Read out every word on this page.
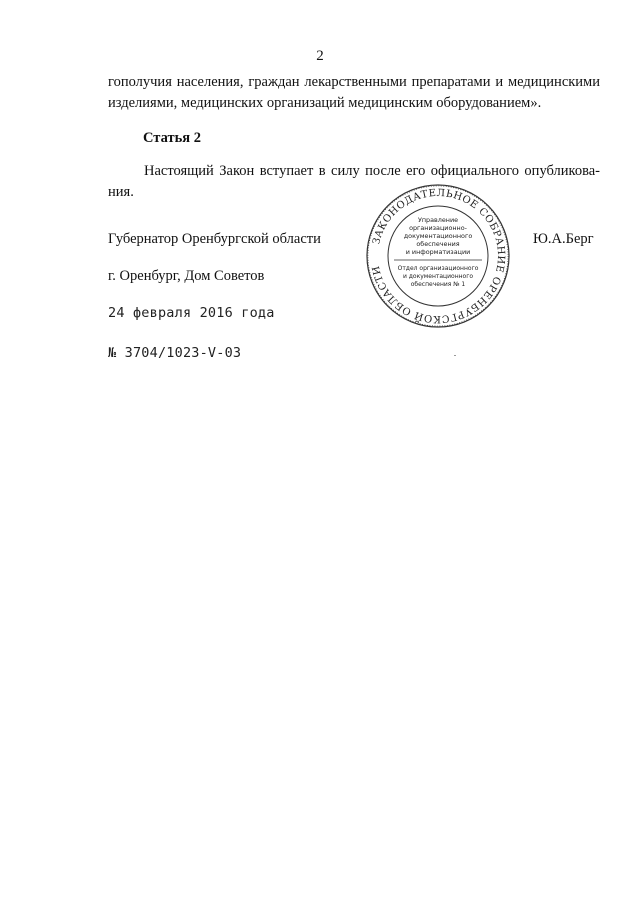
2
гополучия населения, граждан лекарственными препаратами и медицинскими
изделиями, медицинских организаций медицинским оборудованием».
Статья 2
Настоящий Закон вступает в силу после его официального опубликова-
ния.
Губернатор Оренбургской области	Ю.А.Берг
г. Оренбург, Дом Советов
24 февраля 2016 года
№ 3704/1023-V-03
ЗАКОНОДАТЕЛЬНОЕ СОБРАНИЕ ОРЕНБУРГСКОЙ ОБЛАСТИ
Управление
организационно-
документационного
обеспечения
и информатизации
Отдел организационного
и документационного
обеспечения № 1
